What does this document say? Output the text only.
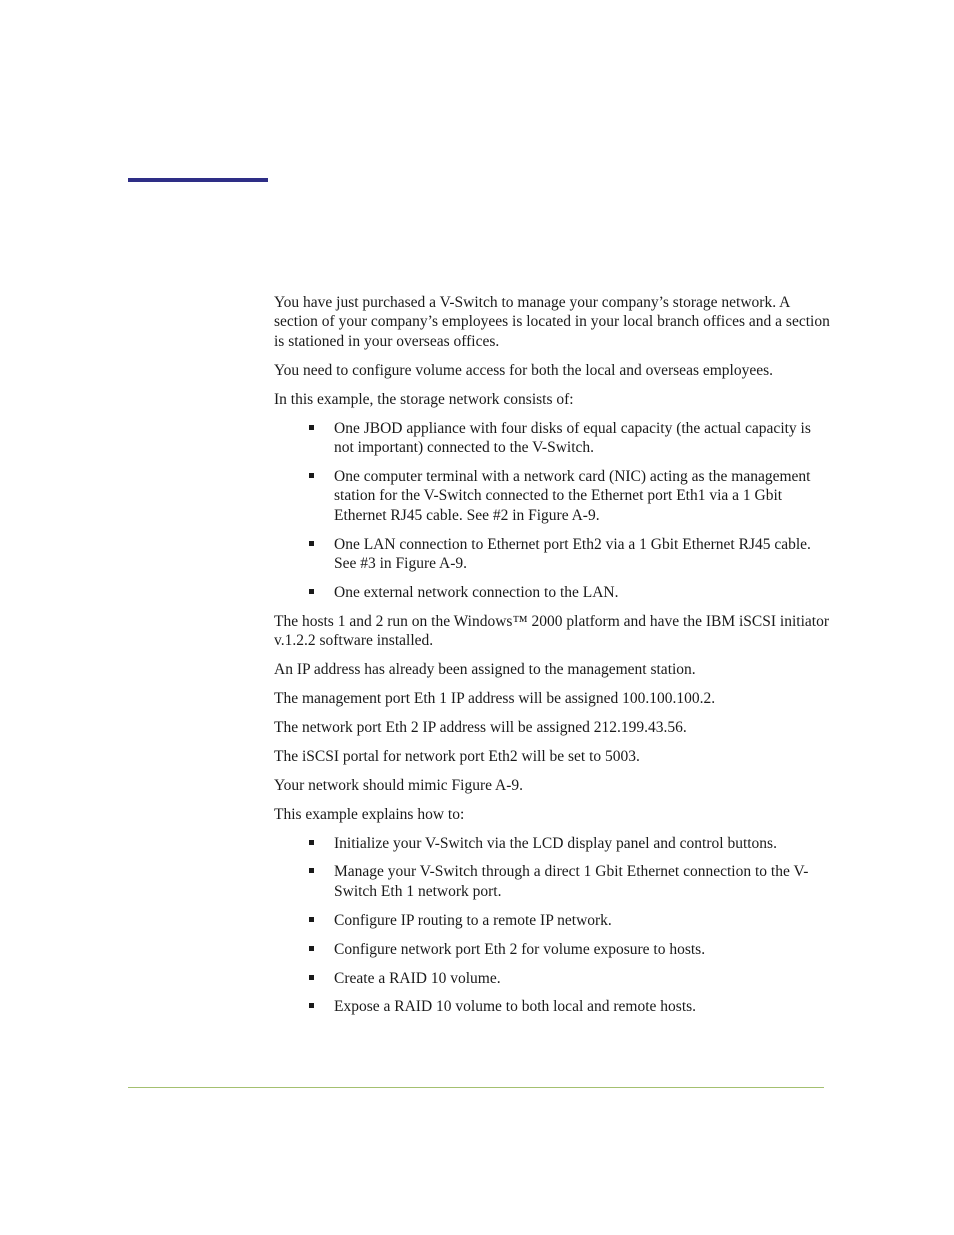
You have just purchased a V-Switch to manage your company’s storage network. A section of your company’s employees is located in your local branch offices and a section is stationed in your overseas offices.

You need to configure volume access for both the local and overseas employees.

In this example, the storage network consists of:

One JBOD appliance with four disks of equal capacity (the actual capacity is not important) connected to the V-Switch.
One computer terminal with a network card (NIC) acting as the management station for the V-Switch connected to the Ethernet port Eth1 via a 1 Gbit Ethernet RJ45 cable. See #2 in Figure A-9.
One LAN connection to Ethernet port Eth2 via a 1 Gbit Ethernet RJ45 cable. See #3 in Figure A-9.
One external network connection to the LAN.

The hosts 1 and 2 run on the Windows™ 2000 platform and have the IBM iSCSI initiator v.1.2.2 software installed.

An IP address has already been assigned to the management station.

The management port Eth 1 IP address will be assigned 100.100.100.2.

The network port Eth 2 IP address will be assigned 212.199.43.56.

The iSCSI portal for network port Eth2 will be set to 5003.

Your network should mimic Figure A-9.

This example explains how to:

Initialize your V-Switch via the LCD display panel and control buttons.
Manage your V-Switch through a direct 1 Gbit Ethernet connection to the V-Switch Eth 1 network port.
Configure IP routing to a remote IP network.
Configure network port Eth 2 for volume exposure to hosts.
Create a RAID 10 volume.
Expose a RAID 10 volume to both local and remote hosts.
